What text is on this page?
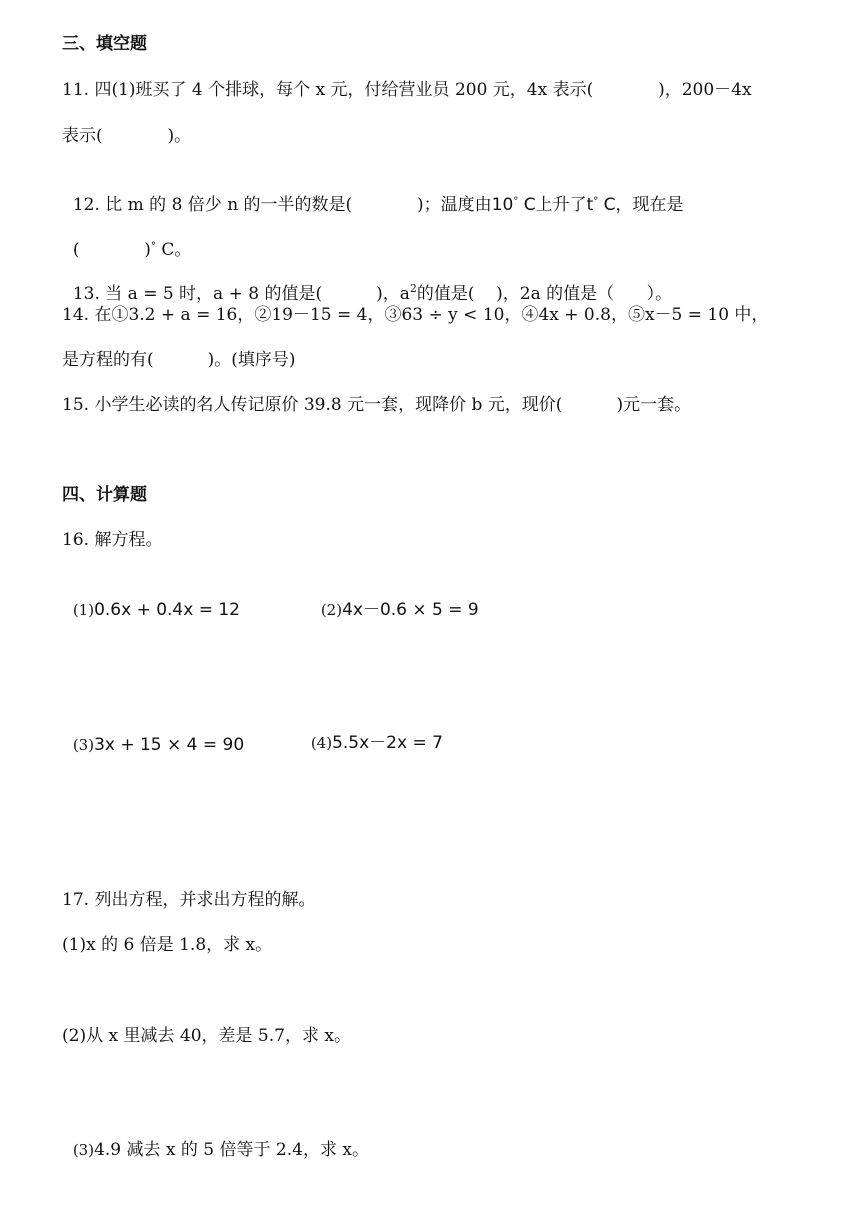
三、填空题
11. 四(1)班买了 4 个排球，每个 x 元，付给营业员 200 元，4x 表示(            )，200－4x
表示(            )。

12. 比 m 的 8 倍少 n 的一半的数是(            )；温度由10° C上升了t° C，现在是

(            )° C。

13. 当 a = 5 时，a + 8 的值是(          )，$a^2$的值是(    )，2a 的值是（      ）。

14. 在①3.2 + a = 16，②19－15 = 4，③63 ÷ y < 10，④4x + 0.8，⑤x－5 = 10 中，
是方程的有(          )。(填序号)
15. 小学生必读的名人传记原价 39.8 元一套，现降价 b 元，现价(          )元一套。
四、计算题
16. 解方程。

(1)0.6x + 0.4x = 12	(2)4x－0.6 × 5 = 9

(3)3x + 15 × 4 = 90	(4)5.5x－2x = 7

17. 列出方程，并求出方程的解。
(1)x 的 6 倍是 1.8，求 x。
(2)从 x 里减去 40，差是 5.7，求 x。

(3)4.9 减去 x 的 5 倍等于 2.4，求 x。
